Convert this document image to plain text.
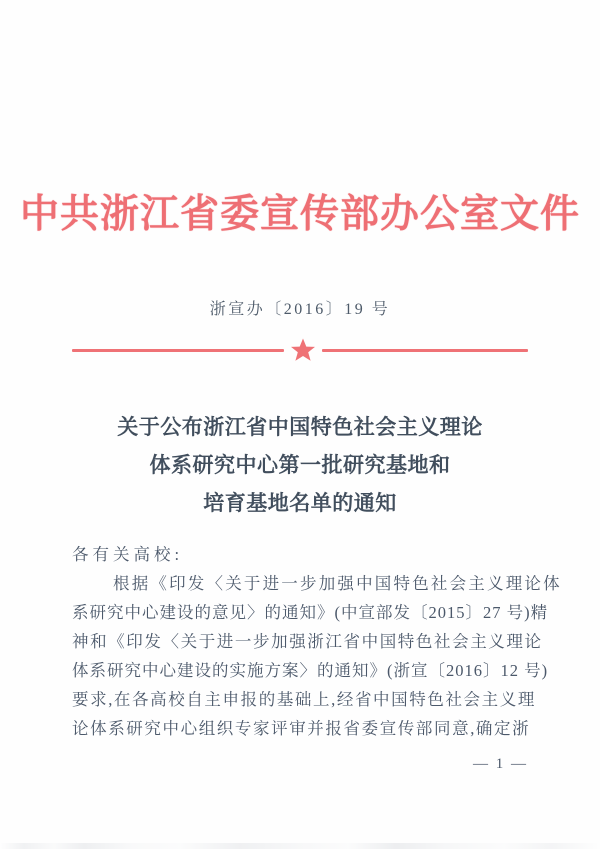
中共浙江省委宣传部办公室文件
浙宣办〔2016〕19 号
关于公布浙江省中国特色社会主义理论
体系研究中心第一批研究基地和
培育基地名单的通知
各有关高校:
根据《印发〈关于进一步加强中国特色社会主义理论体
系研究中心建设的意见〉的通知》(中宣部发〔2015〕27 号)精
神和《印发〈关于进一步加强浙江省中国特色社会主义理论
体系研究中心建设的实施方案〉的通知》(浙宣〔2016〕12 号)
要求,在各高校自主申报的基础上,经省中国特色社会主义理
论体系研究中心组织专家评审并报省委宣传部同意,确定浙
— 1 —
